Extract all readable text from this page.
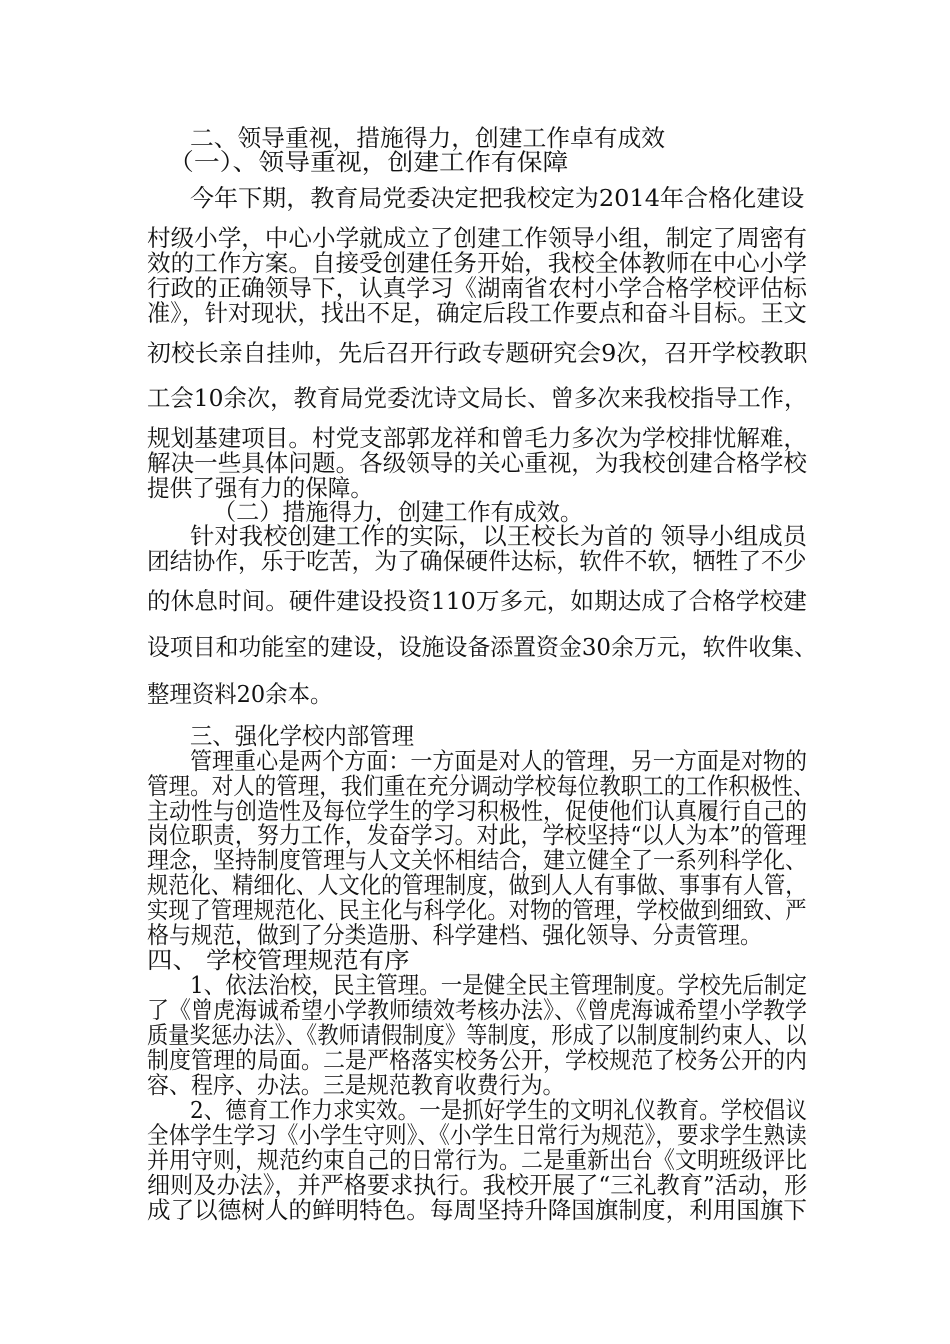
二、领导重视，措施得力，创建工作卓有成效

（一）、领导重视，创建工作有保障

今年下期，教育局党委决定把我校定为2014年合格化建设

村级小学，中心小学就成立了创建工作领导小组，制定了周密有

效的工作方案。自接受创建任务开始，我校全体教师在中心小学

行政的正确领导下，认真学习《湖南省农村小学合格学校评估标

准》，针对现状，找出不足，确定后段工作要点和奋斗目标。王文

初校长亲自挂帅，先后召开行政专题研究会9次，召开学校教职

工会10余次，教育局党委沈诗文局长、曾多次来我校指导工作，

规划基建项目。村党支部郭龙祥和曾毛力多次为学校排忧解难，

解决一些具体问题。各级领导的关心重视，为我校创建合格学校

提供了强有力的保障。

（二）措施得力，创建工作有成效。

针对我校创建工作的实际，以王校长为首的 领导小组成员

团结协作，乐于吃苦，为了确保硬件达标，软件不软，牺牲了不少

的休息时间。硬件建设投资110万多元，如期达成了合格学校建

设项目和功能室的建设，设施设备添置资金30余万元，软件收集、

整理资料20余本。

三、强化学校内部管理

管理重心是两个方面：一方面是对人的管理，另一方面是对物的

管理。对人的管理，我们重在充分调动学校每位教职工的工作积极性、

主动性与创造性及每位学生的学习积极性，促使他们认真履行自己的

岗位职责，努力工作，发奋学习。对此，学校坚持“以人为本”的管理

理念，坚持制度管理与人文关怀相结合，建立健全了一系列科学化、

规范化、精细化、人文化的管理制度，做到人人有事做、事事有人管，

实现了管理规范化、民主化与科学化。对物的管理，学校做到细致、严

格与规范，做到了分类造册、科学建档、强化领导、分责管理。

四、 学校管理规范有序

1、依法治校，民主管理。一是健全民主管理制度。学校先后制定

了《曾虎海诚希望小学教师绩效考核办法》、《曾虎海诚希望小学教学

质量奖惩办法》、《教师请假制度》等制度，形成了以制度制约束人、以

制度管理的局面。二是严格落实校务公开，学校规范了校务公开的内

容、程序、办法。三是规范教育收费行为。

2、德育工作力求实效。一是抓好学生的文明礼仪教育。学校倡议

全体学生学习《小学生守则》、《小学生日常行为规范》，要求学生熟读

并用守则，规范约束自己的日常行为。二是重新出台《文明班级评比

细则及办法》，并严格要求执行。我校开展了“三礼教育”活动，形

成了以德树人的鲜明特色。每周坚持升降国旗制度，利用国旗下
